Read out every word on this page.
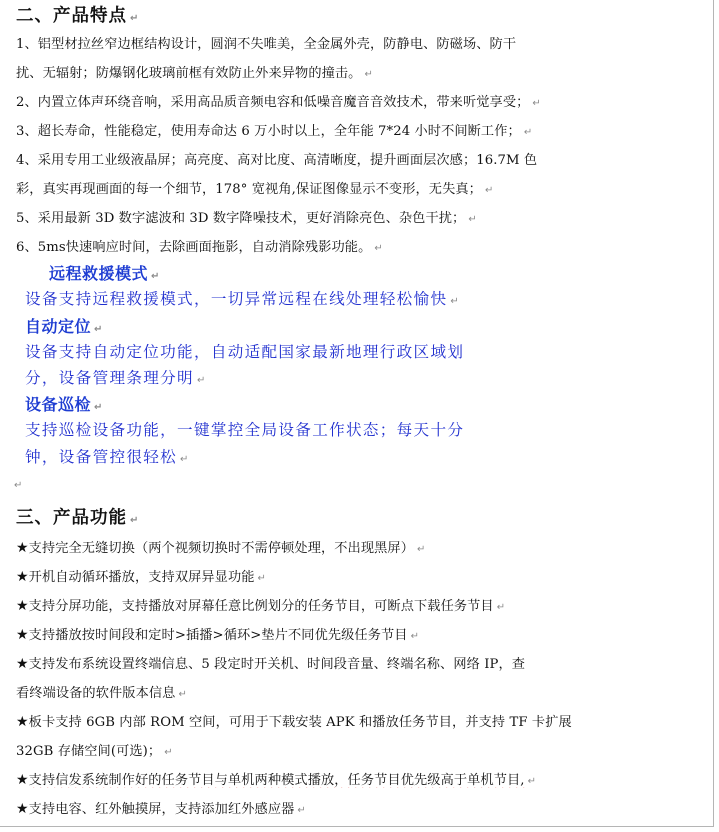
二、产品特点 ↵
1、铝型材拉丝窄边框结构设计，圆润不失唯美，全金属外壳，防静电、防磁场、防干
扰、无辐射；防爆钢化玻璃前框有效防止外来异物的撞击。 ↵
2、内置立体声环绕音响，采用高品质音频电容和低噪音魔音音效技术，带来听觉享受； ↵
3、超长寿命，性能稳定，使用寿命达 6 万小时以上，全年能 7*24 小时不间断工作； ↵
4、采用专用工业级液晶屏；高亮度、高对比度、高清晰度，提升画面层次感；16.7M 色
彩，真实再现画面的每一个细节，178° 宽视角,保证图像显示不变形，无失真； ↵
5、采用最新 3D 数字滤波和 3D 数字降噪技术，更好消除亮色、杂色干扰； ↵
6、5ms快速响应时间，去除画面拖影，自动消除残影功能。 ↵
远程救援模式 ↵
设备支持远程救援模式，一切异常远程在线处理轻松愉快 ↵
自动定位 ↵
设备支持自动定位功能，自动适配国家最新地理行政区域划
分，设备管理条理分明 ↵
设备巡检 ↵
支持巡检设备功能，一键掌控全局设备工作状态；每天十分
钟，设备管控很轻松 ↵
↵
三、产品功能 ↵
★支持完全无缝切换（两个视频切换时不需停顿处理，不出现黑屏） ↵
★开机自动循环播放，支持双屏异显功能 ↵
★支持分屏功能，支持播放对屏幕任意比例划分的任务节目，可断点下载任务节目 ↵
★支持播放按时间段和定时>插播>循环>垫片不同优先级任务节目 ↵
★支持发布系统设置终端信息、5 段定时开关机、时间段音量、终端名称、网络 IP，查
看终端设备的软件版本信息 ↵
★板卡支持 6GB 内部 ROM 空间，可用于下载安装 APK 和播放任务节目，并支持 TF 卡扩展
32GB 存储空间(可选)； ↵
★支持信发系统制作好的任务节目与单机两种模式播放，任务节目优先级高于单机节目, ↵
★支持电容、红外触摸屏，支持添加红外感应器 ↵
